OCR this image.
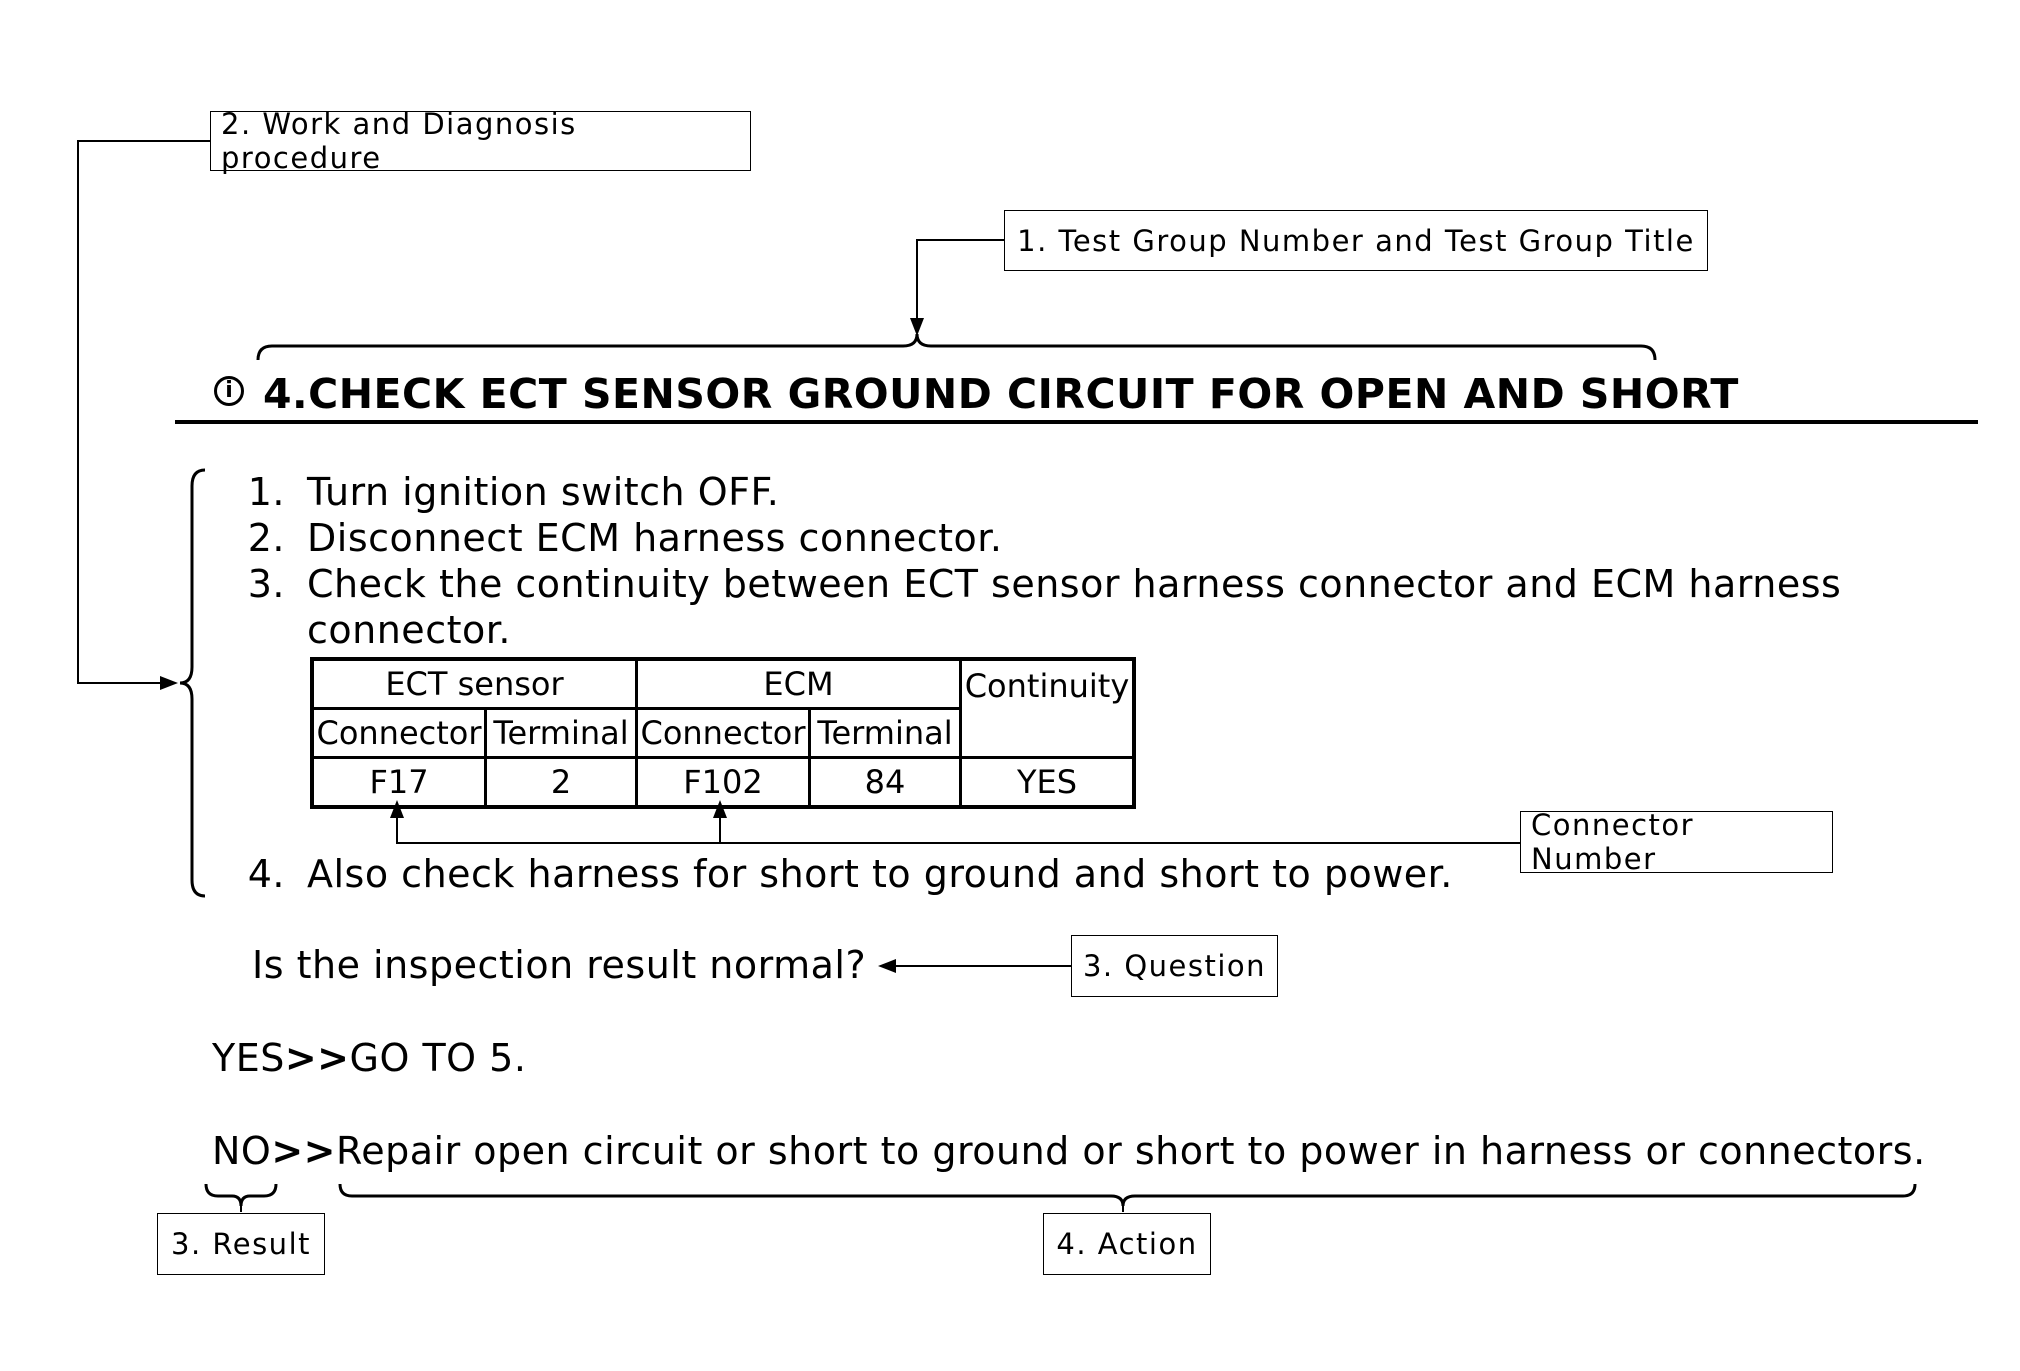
2. Work and Diagnosis procedure
1. Test Group Number and Test Group Title
Connector Number
3. Question
3. Result	4. Action
i 4.CHECK ECT SENSOR GROUND CIRCUIT FOR OPEN AND SHORT
1. Turn ignition switch OFF.
2. Disconnect ECM harness connector.
3. Check the continuity between ECT sensor harness connector and ECM harness
connector.
ECT sensor		ECM		Continuity
Connector	Terminal	Connector	Terminal	
F17	2	F102	84	YES
4. Also check harness for short to ground and short to power.
Is the inspection result normal?
YES>>GO TO 5.
NO>>Repair open circuit or short to ground or short to power in harness or connectors.
